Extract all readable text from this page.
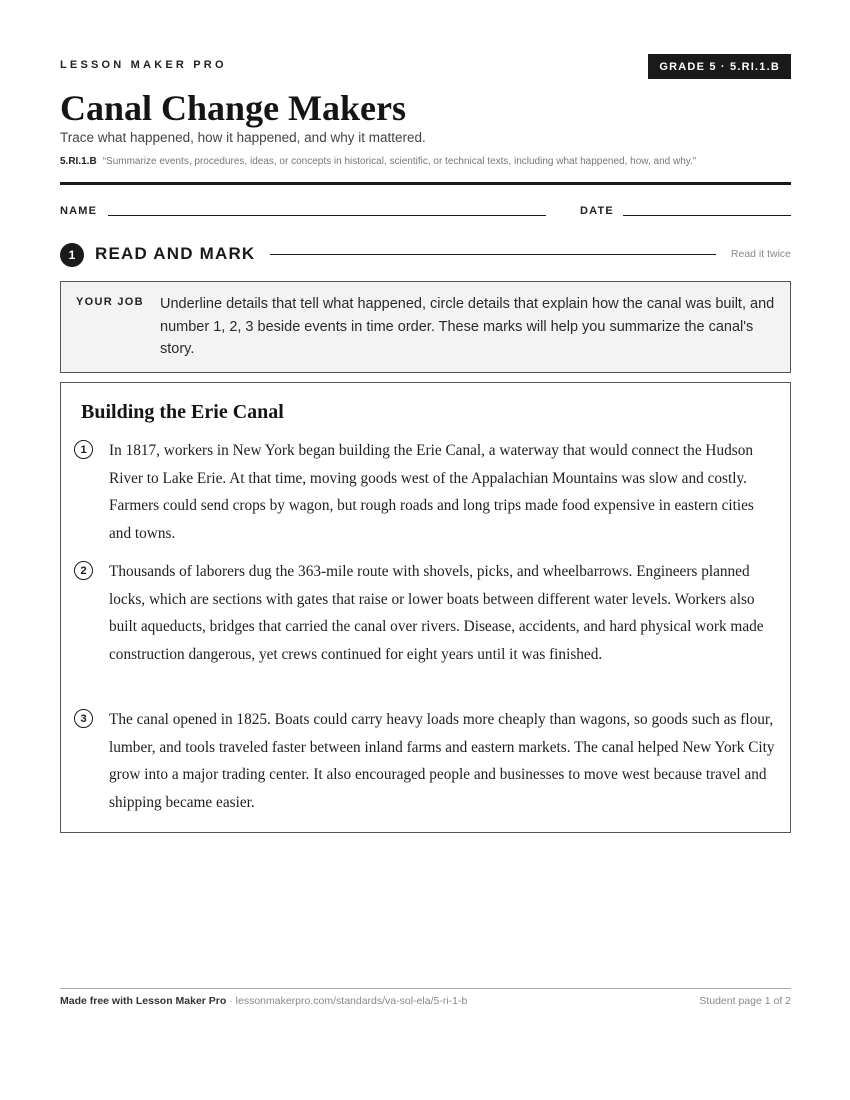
LESSON MAKER PRO	GRADE 5 · 5.RI.1.B
Canal Change Makers
Trace what happened, how it happened, and why it mattered.
5.RI.1.B “Summarize events, procedures, ideas, or concepts in historical, scientific, or technical texts, including what happened, how, and why.”
NAME	DATE
1	READ AND MARK	Read it twice
YOUR JOB Underline details that tell what happened, circle details that explain how the canal was built, and number 1, 2, 3 beside events in time order. These marks will help you summarize the canal's story.

Building the Erie Canal
1	In 1817, workers in New York began building the Erie Canal, a waterway that would connect the Hudson River to Lake Erie. At that time, moving goods west of the Appalachian Mountains was slow and costly. Farmers could send crops by wagon, but rough roads and long trips made food expensive in eastern cities and towns.

2	Thousands of laborers dug the 363-mile route with shovels, picks, and wheelbarrows. Engineers planned locks, which are sections with gates that raise or lower boats between different water levels. Workers also built aqueducts, bridges that carried the canal over rivers. Disease, accidents, and hard physical work made construction dangerous, yet crews continued for eight years until it was finished.

3	The canal opened in 1825. Boats could carry heavy loads more cheaply than wagons, so goods such as flour, lumber, and tools traveled faster between inland farms and eastern markets. The canal helped New York City grow into a major trading center. It also encouraged people and businesses to move west because travel and shipping became easier.

Made free with Lesson Maker Pro · lessonmakerpro.com/standards/va-sol-ela/5-ri-1-b	Student page 1 of 2
